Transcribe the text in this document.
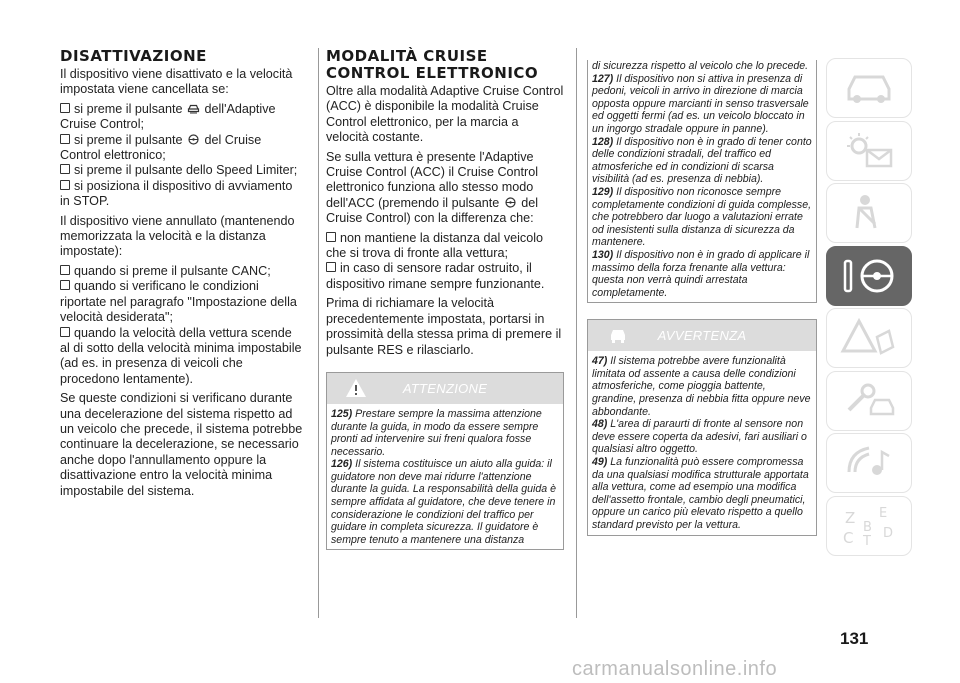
DISATTIVAZIONE

Il dispositivo viene disattivato e la velocità impostata viene cancellata se:

si preme il pulsante  dell'Adaptive Cruise Control;
si preme il pulsante  del Cruise Control elettronico;
si preme il pulsante dello Speed Limiter;
si posiziona il dispositivo di avviamento in STOP.

Il dispositivo viene annullato (mantenendo memorizzata la velocità e la distanza impostate):

quando si preme il pulsante CANC;
quando si verificano le condizioni riportate nel paragrafo "Impostazione della velocità desiderata";
quando la velocità della vettura scende al di sotto della velocità minima impostabile (ad es. in presenza di veicoli che procedono lentamente).

Se queste condizioni si verificano durante una decelerazione del sistema rispetto ad un veicolo che precede, il sistema potrebbe continuare la decelerazione, se necessario anche dopo l'annullamento oppure la disattivazione entro la velocità minima impostabile del sistema.

MODALITÀ CRUISE CONTROL ELETTRONICO

Oltre alla modalità Adaptive Cruise Control (ACC) è disponibile la modalità Cruise Control elettronico, per la marcia a velocità costante.

Se sulla vettura è presente l'Adaptive Cruise Control (ACC) il Cruise Control elettronico funziona allo stesso modo dell'ACC (premendo il pulsante  del Cruise Control) con la differenza che:

non mantiene la distanza dal veicolo che si trova di fronte alla vettura;
in caso di sensore radar ostruito, il dispositivo rimane sempre funzionante.

Prima di richiamare la velocità precedentemente impostata, portarsi in prossimità della stessa prima di premere il pulsante RES e rilasciarlo.

ATTENZIONE
125) Prestare sempre la massima attenzione durante la guida, in modo da essere sempre pronti ad intervenire sui freni qualora fosse necessario.
126) Il sistema costituisce un aiuto alla guida: il guidatore non deve mai ridurre l'attenzione durante la guida. La responsabilità della guida è sempre affidata al guidatore, che deve tenere in considerazione le condizioni del traffico per guidare in completa sicurezza. Il guidatore è sempre tenuto a mantenere una distanza
di sicurezza rispetto al veicolo che lo precede.
127) Il dispositivo non si attiva in presenza di pedoni, veicoli in arrivo in direzione di marcia opposta oppure marcianti in senso trasversale ed oggetti fermi (ad es. un veicolo bloccato in un ingorgo stradale oppure in panne).
128) Il dispositivo non è in grado di tener conto delle condizioni stradali, del traffico ed atmosferiche ed in condizioni di scarsa visibilità (ad es. presenza di nebbia).
129) Il dispositivo non riconosce sempre completamente condizioni di guida complesse, che potrebbero dar luogo a valutazioni errate od inesistenti sulla distanza di sicurezza da mantenere.
130) Il dispositivo non è in grado di applicare il massimo della forza frenante alla vettura: questa non verrà quindi arrestata completamente.
AVVERTENZA
47) Il sistema potrebbe avere funzionalità limitata od assente a causa delle condizioni atmosferiche, come pioggia battente, grandine, presenza di nebbia fitta oppure neve abbondante.
48) L'area di paraurti di fronte al sensore non deve essere coperta da adesivi, fari ausiliari o qualsiasi altro oggetto.
49) La funzionalità può essere compromessa da una qualsiasi modifica strutturale apportata alla vettura, come ad esempio una modifica dell'assetto frontale, cambio degli pneumatici, oppure un carico più elevato rispetto a quello standard previsto per la vettura.	Z E
B
C T
D
131
carmanualsonline.info
